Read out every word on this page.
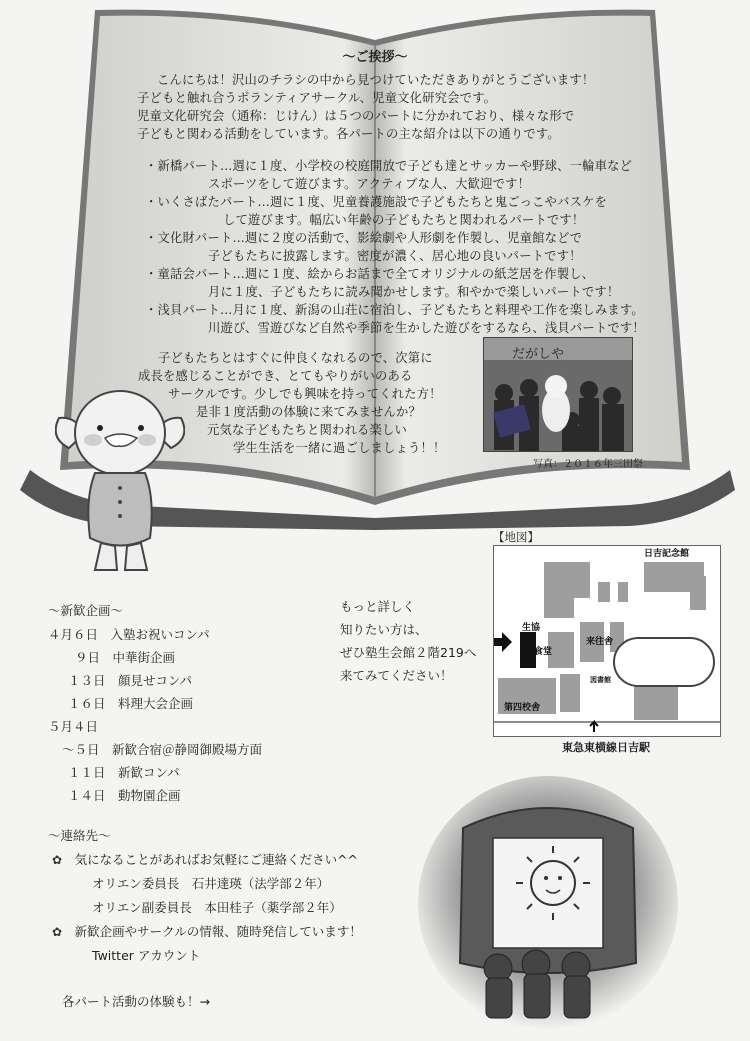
〜ご挨拶〜
こんにちは！沢山のチラシの中から見つけていただきありがとうございます！
子どもと触れ合うボランティアサークル、児童文化研究会です。
児童文化研究会（通称：じけん）は５つのパートに分かれており、様々な形で
子どもと関わる活動をしています。各パートの主な紹介は以下の通りです。
・新橋パート…週に１度、小学校の校庭開放で子ども達とサッカーや野球、一輪車など
スポーツをして遊びます。アクティブな人、大歓迎です！
・いくさばたパート…週に１度、児童養護施設で子どもたちと鬼ごっこやバスケを
して遊びます。幅広い年齢の子どもたちと関われるパートです！
・文化財パート…週に２度の活動で、影絵劇や人形劇を作製し、児童館などで
子どもたちに披露します。密度が濃く、居心地の良いパートです！
・童話会パート…週に１度、絵からお話まで全てオリジナルの紙芝居を作製し、
月に１度、子どもたちに読み聞かせします。和やかで楽しいパートです！
・浅貝パート…月に１度、新潟の山荘に宿泊し、子どもたちと料理や工作を楽しみます。
川遊び、雪遊びなど自然や季節を生かした遊びをするなら、浅貝パートです！
子どもたちとはすぐに仲良くなれるので、次第に
成長を感じることができ、とてもやりがいのある
サークルです。少しでも興味を持ってくれた方！
是非１度活動の体験に来てみませんか？
元気な子どもたちと関われる楽しい
学生生活を一緒に過ごしましょう！！
だがしや
写真：２０１６年三田祭
〜新歓企画〜
４月６日　 入塾お祝いコンパ
９日　 中華街企画
１３日　 顔見せコンパ
１６日　 料理大会企画
５月４日
〜５日　 新歓合宿＠静岡御殿場方面
１１日　 新歓コンパ
１４日　 動物園企画
もっと詳しく
知りたい方は、
ぜひ塾生会館２階219へ
来てみてください！
【地図】
日吉記念館
生協
食堂
来往舎
図書館
第四校舎
東急東横線日吉駅
〜連絡先〜
✿　 気になることがあればお気軽にご連絡ください^^
オリエン委員長　石井達瑛（法学部２年）
オリエン副委員長　本田桂子（薬学部２年）
✿　 新歓企画やサークルの情報、随時発信しています！
Twitter アカウント
各パート活動の体験も！→
